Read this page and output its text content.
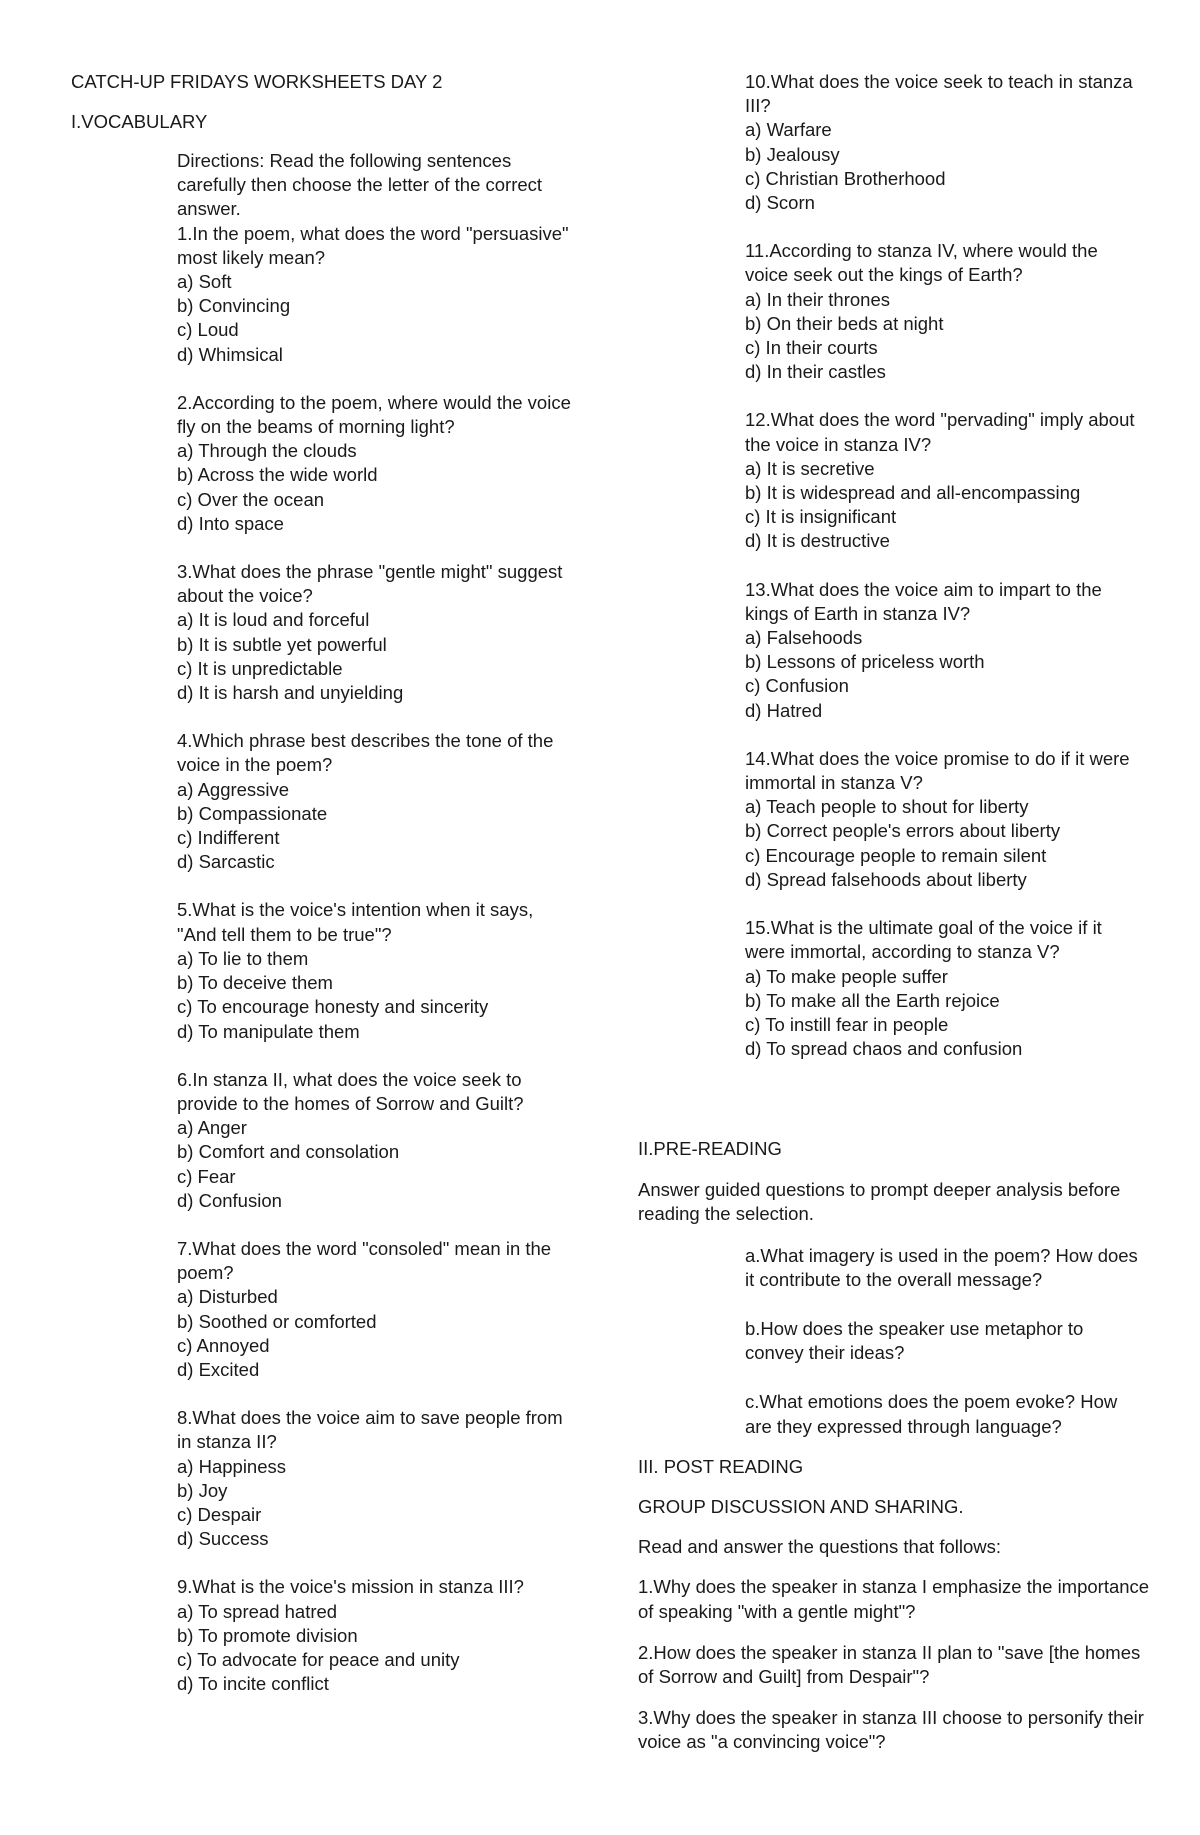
CATCH-UP FRIDAYS WORKSHEETS DAY 2
I.VOCABULARY
Directions: Read the following sentences carefully then choose the letter of the correct answer.
1.In the poem, what does the word "persuasive" most likely mean?
a) Soft
b) Convincing
c) Loud
d) Whimsical
2.According to the poem, where would the voice fly on the beams of morning light?
a) Through the clouds
b) Across the wide world
c) Over the ocean
d) Into space
3.What does the phrase "gentle might" suggest about the voice?
a) It is loud and forceful
b) It is subtle yet powerful
c) It is unpredictable
d) It is harsh and unyielding
4.Which phrase best describes the tone of the voice in the poem?
a) Aggressive
b) Compassionate
c) Indifferent
d) Sarcastic
5.What is the voice's intention when it says, "And tell them to be true"?
a) To lie to them
b) To deceive them
c) To encourage honesty and sincerity
d) To manipulate them
6.In stanza II, what does the voice seek to provide to the homes of Sorrow and Guilt?
a) Anger
b) Comfort and consolation
c) Fear
d) Confusion
7.What does the word "consoled" mean in the poem?
a) Disturbed
b) Soothed or comforted
c) Annoyed
d) Excited
8.What does the voice aim to save people from in stanza II?
a) Happiness
b) Joy
c) Despair
d) Success
9.What is the voice's mission in stanza III?
a) To spread hatred
b) To promote division
c) To advocate for peace and unity
d) To incite conflict
10.What does the voice seek to teach in stanza III?
a) Warfare
b) Jealousy
c) Christian Brotherhood
d) Scorn
11.According to stanza IV, where would the voice seek out the kings of Earth?
a) In their thrones
b) On their beds at night
c) In their courts
d) In their castles
12.What does the word "pervading" imply about the voice in stanza IV?
a) It is secretive
b) It is widespread and all-encompassing
c) It is insignificant
d) It is destructive
13.What does the voice aim to impart to the kings of Earth in stanza IV?
a) Falsehoods
b) Lessons of priceless worth
c) Confusion
d) Hatred
14.What does the voice promise to do if it were immortal in stanza V?
a) Teach people to shout for liberty
b) Correct people's errors about liberty
c) Encourage people to remain silent
d) Spread falsehoods about liberty
15.What is the ultimate goal of the voice if it were immortal, according to stanza V?
a) To make people suffer
b) To make all the Earth rejoice
c) To instill fear in people
d) To spread chaos and confusion
II.PRE-READING
Answer guided questions to prompt deeper analysis before reading the selection.
a.What imagery is used in the poem? How does it contribute to the overall message?
b.How does the speaker use metaphor to convey their ideas?
c.What emotions does the poem evoke? How are they expressed through language?
III. POST READING
GROUP DISCUSSION AND SHARING.
Read and answer the questions that follows:
1.Why does the speaker in stanza I emphasize the importance of speaking "with a gentle might"?
2.How does the speaker in stanza II plan to "save [the homes of Sorrow and Guilt] from Despair"?
3.Why does the speaker in stanza III choose to personify their voice as "a convincing voice"?
